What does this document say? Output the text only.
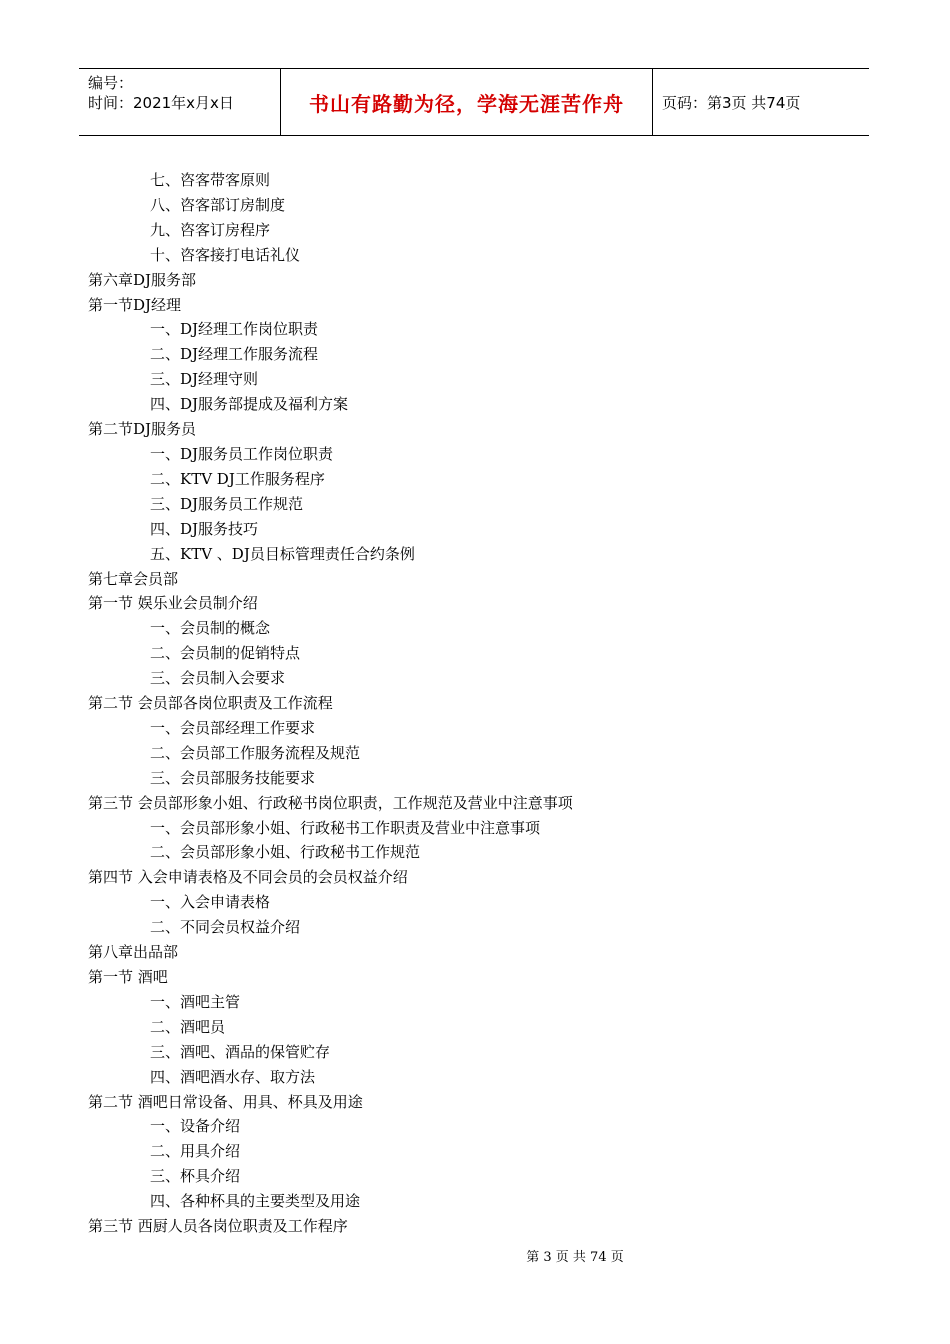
编号：
时间：2021年x月x日	书山有路勤为径，学海无涯苦作舟	页码：第3页 共74页
七、咨客带客原则
八、咨客部订房制度
九、咨客订房程序
十、咨客接打电话礼仪
第六章DJ服务部
第一节DJ经理
一、DJ经理工作岗位职责
二、DJ经理工作服务流程
三、DJ经理守则
四、DJ服务部提成及福利方案
第二节DJ服务员
一、DJ服务员工作岗位职责
二、KTV DJ工作服务程序
三、DJ服务员工作规范
四、DJ服务技巧
五、KTV 、DJ员目标管理责任合约条例
第七章会员部
第一节 娱乐业会员制介绍
一、会员制的概念
二、会员制的促销特点
三、会员制入会要求
第二节 会员部各岗位职责及工作流程
一、会员部经理工作要求
二、会员部工作服务流程及规范
三、会员部服务技能要求
第三节 会员部形象小姐、行政秘书岗位职责，工作规范及营业中注意事项
一、会员部形象小姐、行政秘书工作职责及营业中注意事项
二、会员部形象小姐、行政秘书工作规范
第四节 入会申请表格及不同会员的会员权益介绍
一、入会申请表格
二、不同会员权益介绍
第八章出品部
第一节 酒吧
一、酒吧主管
二、酒吧员
三、酒吧、酒品的保管贮存
四、酒吧酒水存、取方法
第二节 酒吧日常设备、用具、杯具及用途
一、设备介绍
二、用具介绍
三、杯具介绍
四、各种杯具的主要类型及用途
第三节 西厨人员各岗位职责及工作程序
第 3 页 共 74 页
